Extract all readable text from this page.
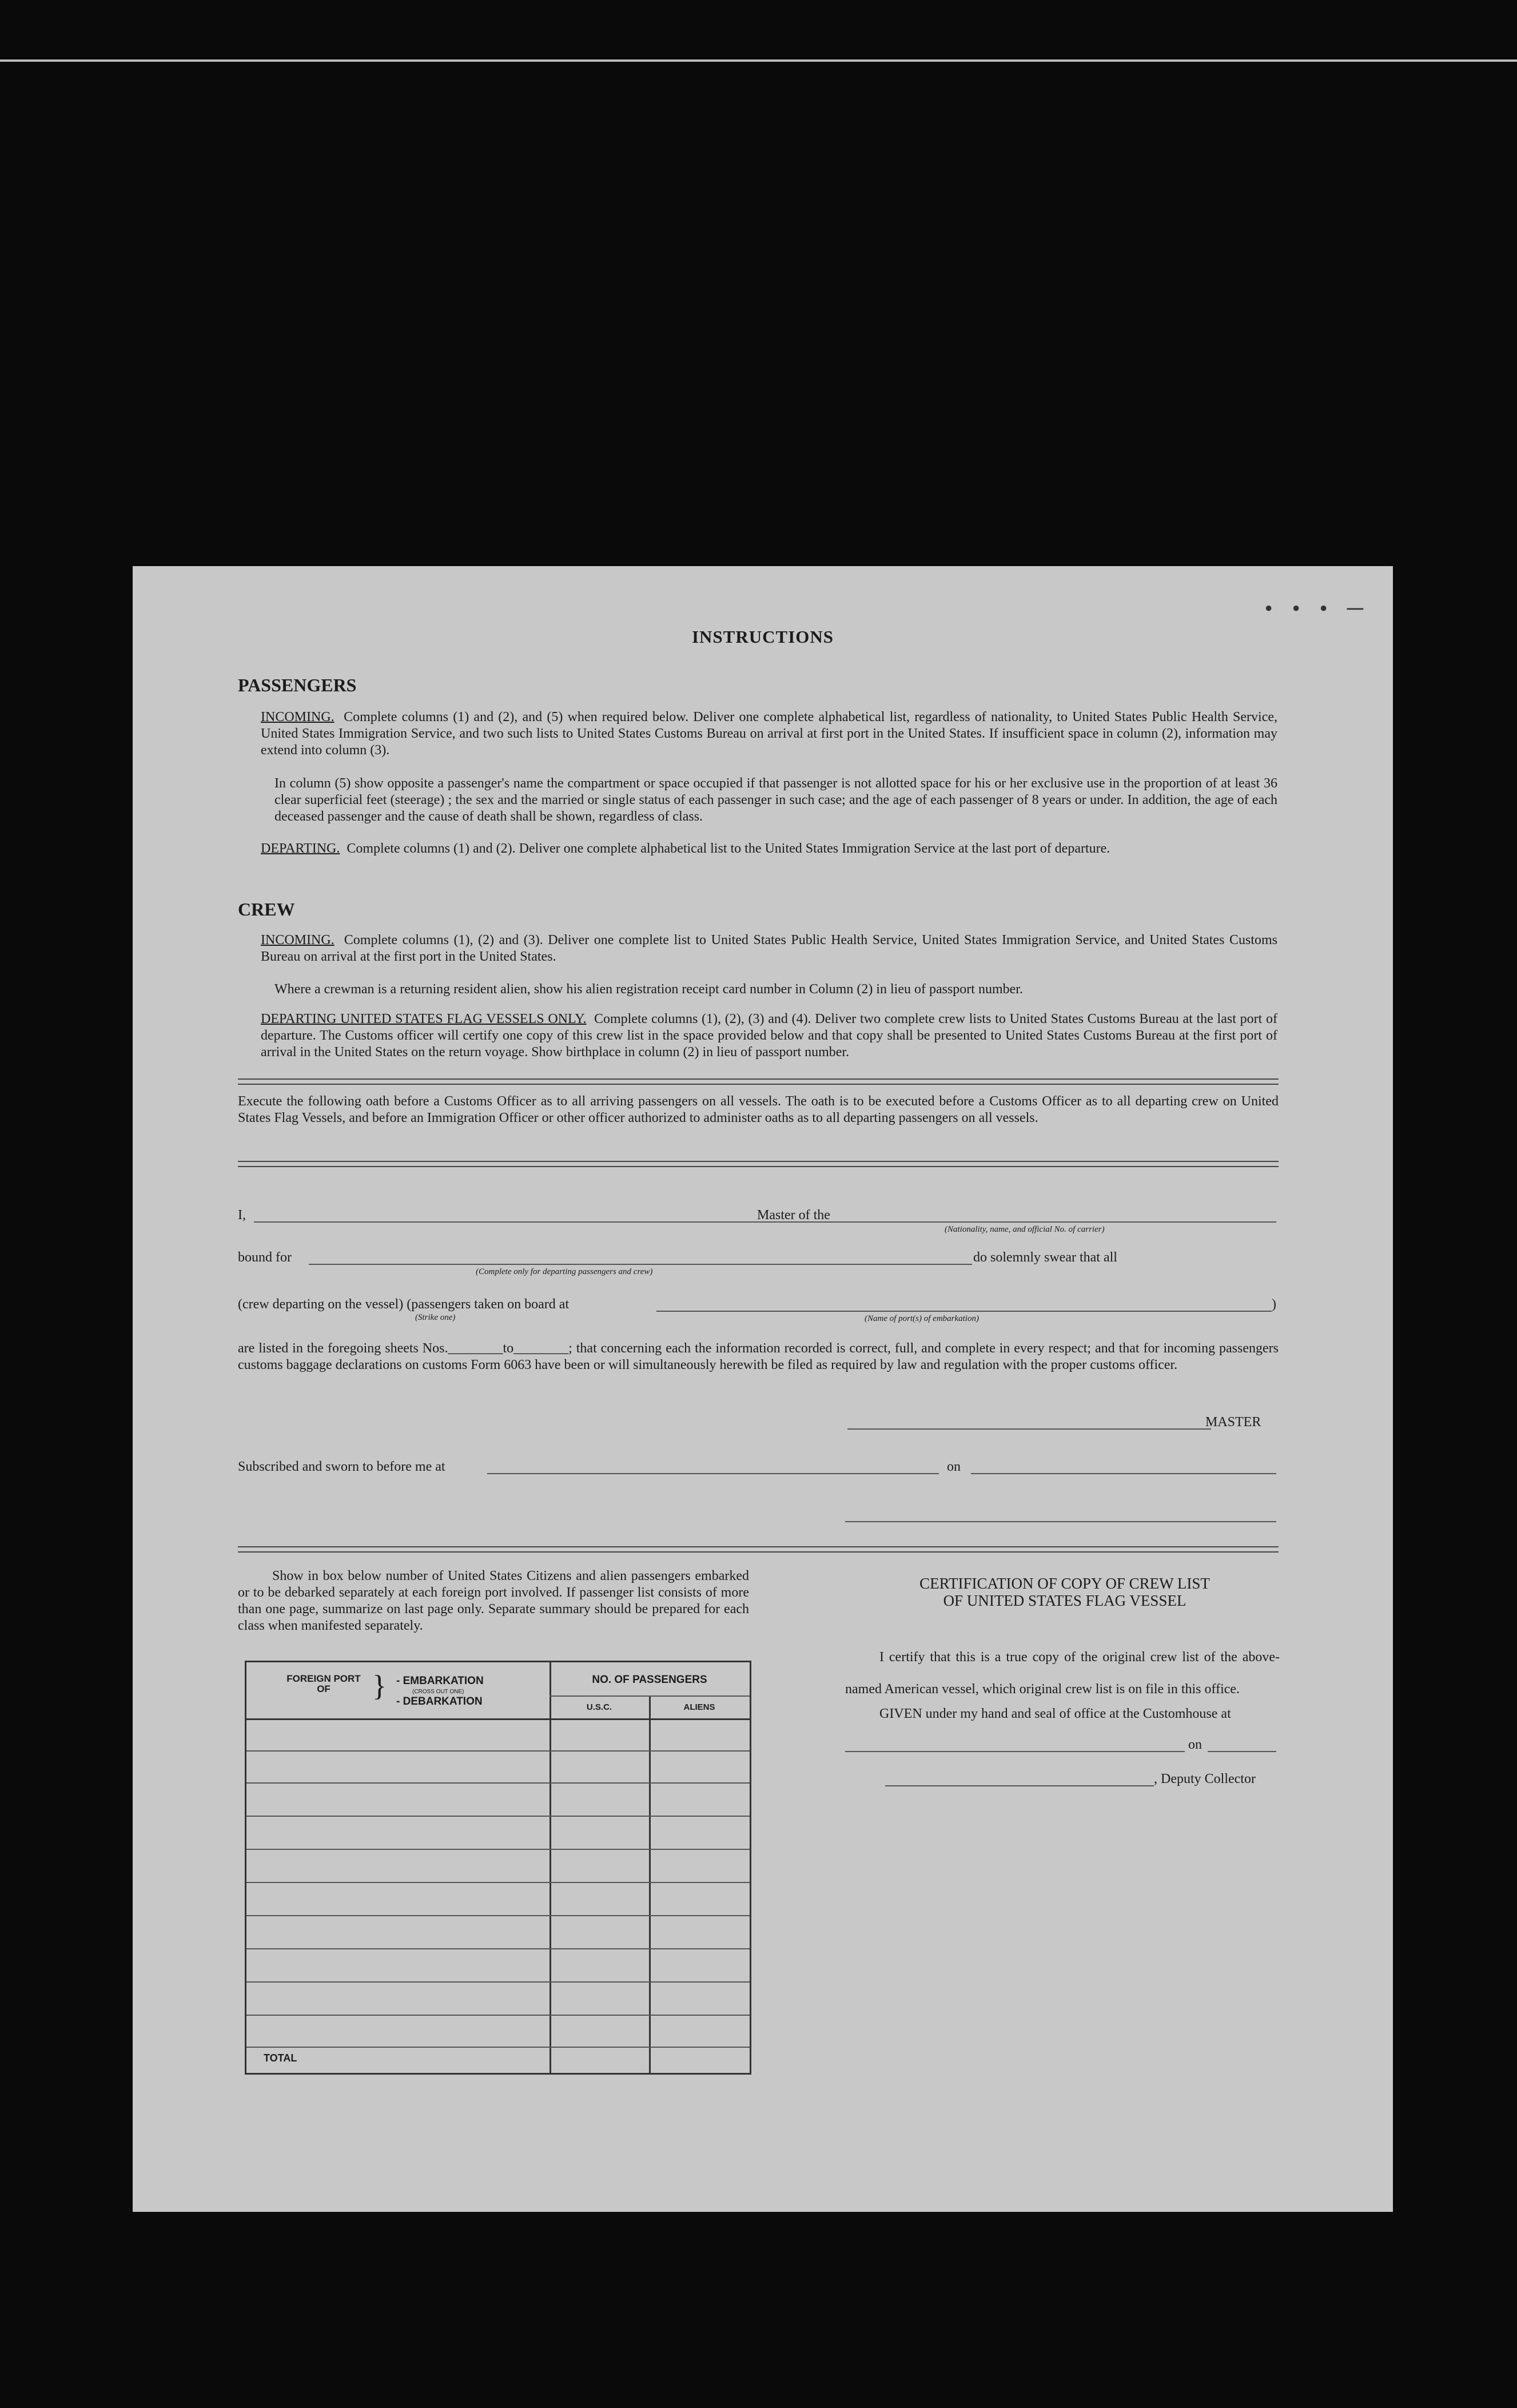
• • • ─
INSTRUCTIONS
PASSENGERS
INCOMING. Complete columns (1) and (2), and (5) when required below. Deliver one complete alphabetical list, regardless of nationality, to United States Public Health Service, United States Immigration Service, and two such lists to United States Customs Bureau on arrival at first port in the United States. If insufficient space in column (2), information may extend into column (3).
In column (5) show opposite a passenger's name the compartment or space occupied if that passenger is not allotted space for his or her exclusive use in the proportion of at least 36 clear superficial feet (steerage) ; the sex and the married or single status of each passenger in such case; and the age of each passenger of 8 years or under. In addition, the age of each deceased passenger and the cause of death shall be shown, regardless of class.
DEPARTING. Complete columns (1) and (2). Deliver one complete alphabetical list to the United States Immigration Service at the last port of departure.
CREW
INCOMING. Complete columns (1), (2) and (3). Deliver one complete list to United States Public Health Service, United States Immigration Service, and United States Customs Bureau on arrival at the first port in the United States.
Where a crewman is a returning resident alien, show his alien registration receipt card number in Column (2) in lieu of passport number.
DEPARTING UNITED STATES FLAG VESSELS ONLY. Complete columns (1), (2), (3) and (4). Deliver two complete crew lists to United States Customs Bureau at the last port of departure. The Customs officer will certify one copy of this crew list in the space provided below and that copy shall be presented to United States Customs Bureau at the first port of arrival in the United States on the return voyage. Show birthplace in column (2) in lieu of passport number.
Execute the following oath before a Customs Officer as to all arriving passengers on all vessels. The oath is to be executed before a Customs Officer as to all departing crew on United States Flag Vessels, and before an Immigration Officer or other officer authorized to administer oaths as to all departing passengers on all vessels.
I,	Master of the
(Nationality, name, and official No. of carrier)
bound for
(Complete only for departing passengers and crew)
do solemnly swear that all
(crew departing on the vessel) (passengers taken on board at	)
(Strike one)	(Name of port(s) of embarkation)
are listed in the foregoing sheets Nos.________to________; that concerning each the information recorded is correct, full, and complete in every respect; and that for incoming passengers customs baggage declarations on customs Form 6063 have been or will simultaneously herewith be filed as required by law and regulation with the proper customs officer.
MASTER
Subscribed and sworn to before me at	on
Show in box below number of United States Citizens and alien passengers embarked or to be debarked separately at each foreign port involved. If passenger list consists of more than one page, summarize on last page only. Separate summary should be prepared for each class when manifested separately.
FOREIGN PORT OF	} - EMBARKATION
(CROSS OUT ONE)
- DEBARKATION
NO. OF PASSENGERS
U.S.C.	ALIENS
TOTAL
CERTIFICATION OF COPY OF CREW LIST
OF UNITED STATES FLAG VESSEL
I certify that this is a true copy of the original crew list of the above-named American vessel, which original crew list is on file in this office.
GIVEN under my hand and seal of office at the Customhouse at
on
, Deputy Collector
